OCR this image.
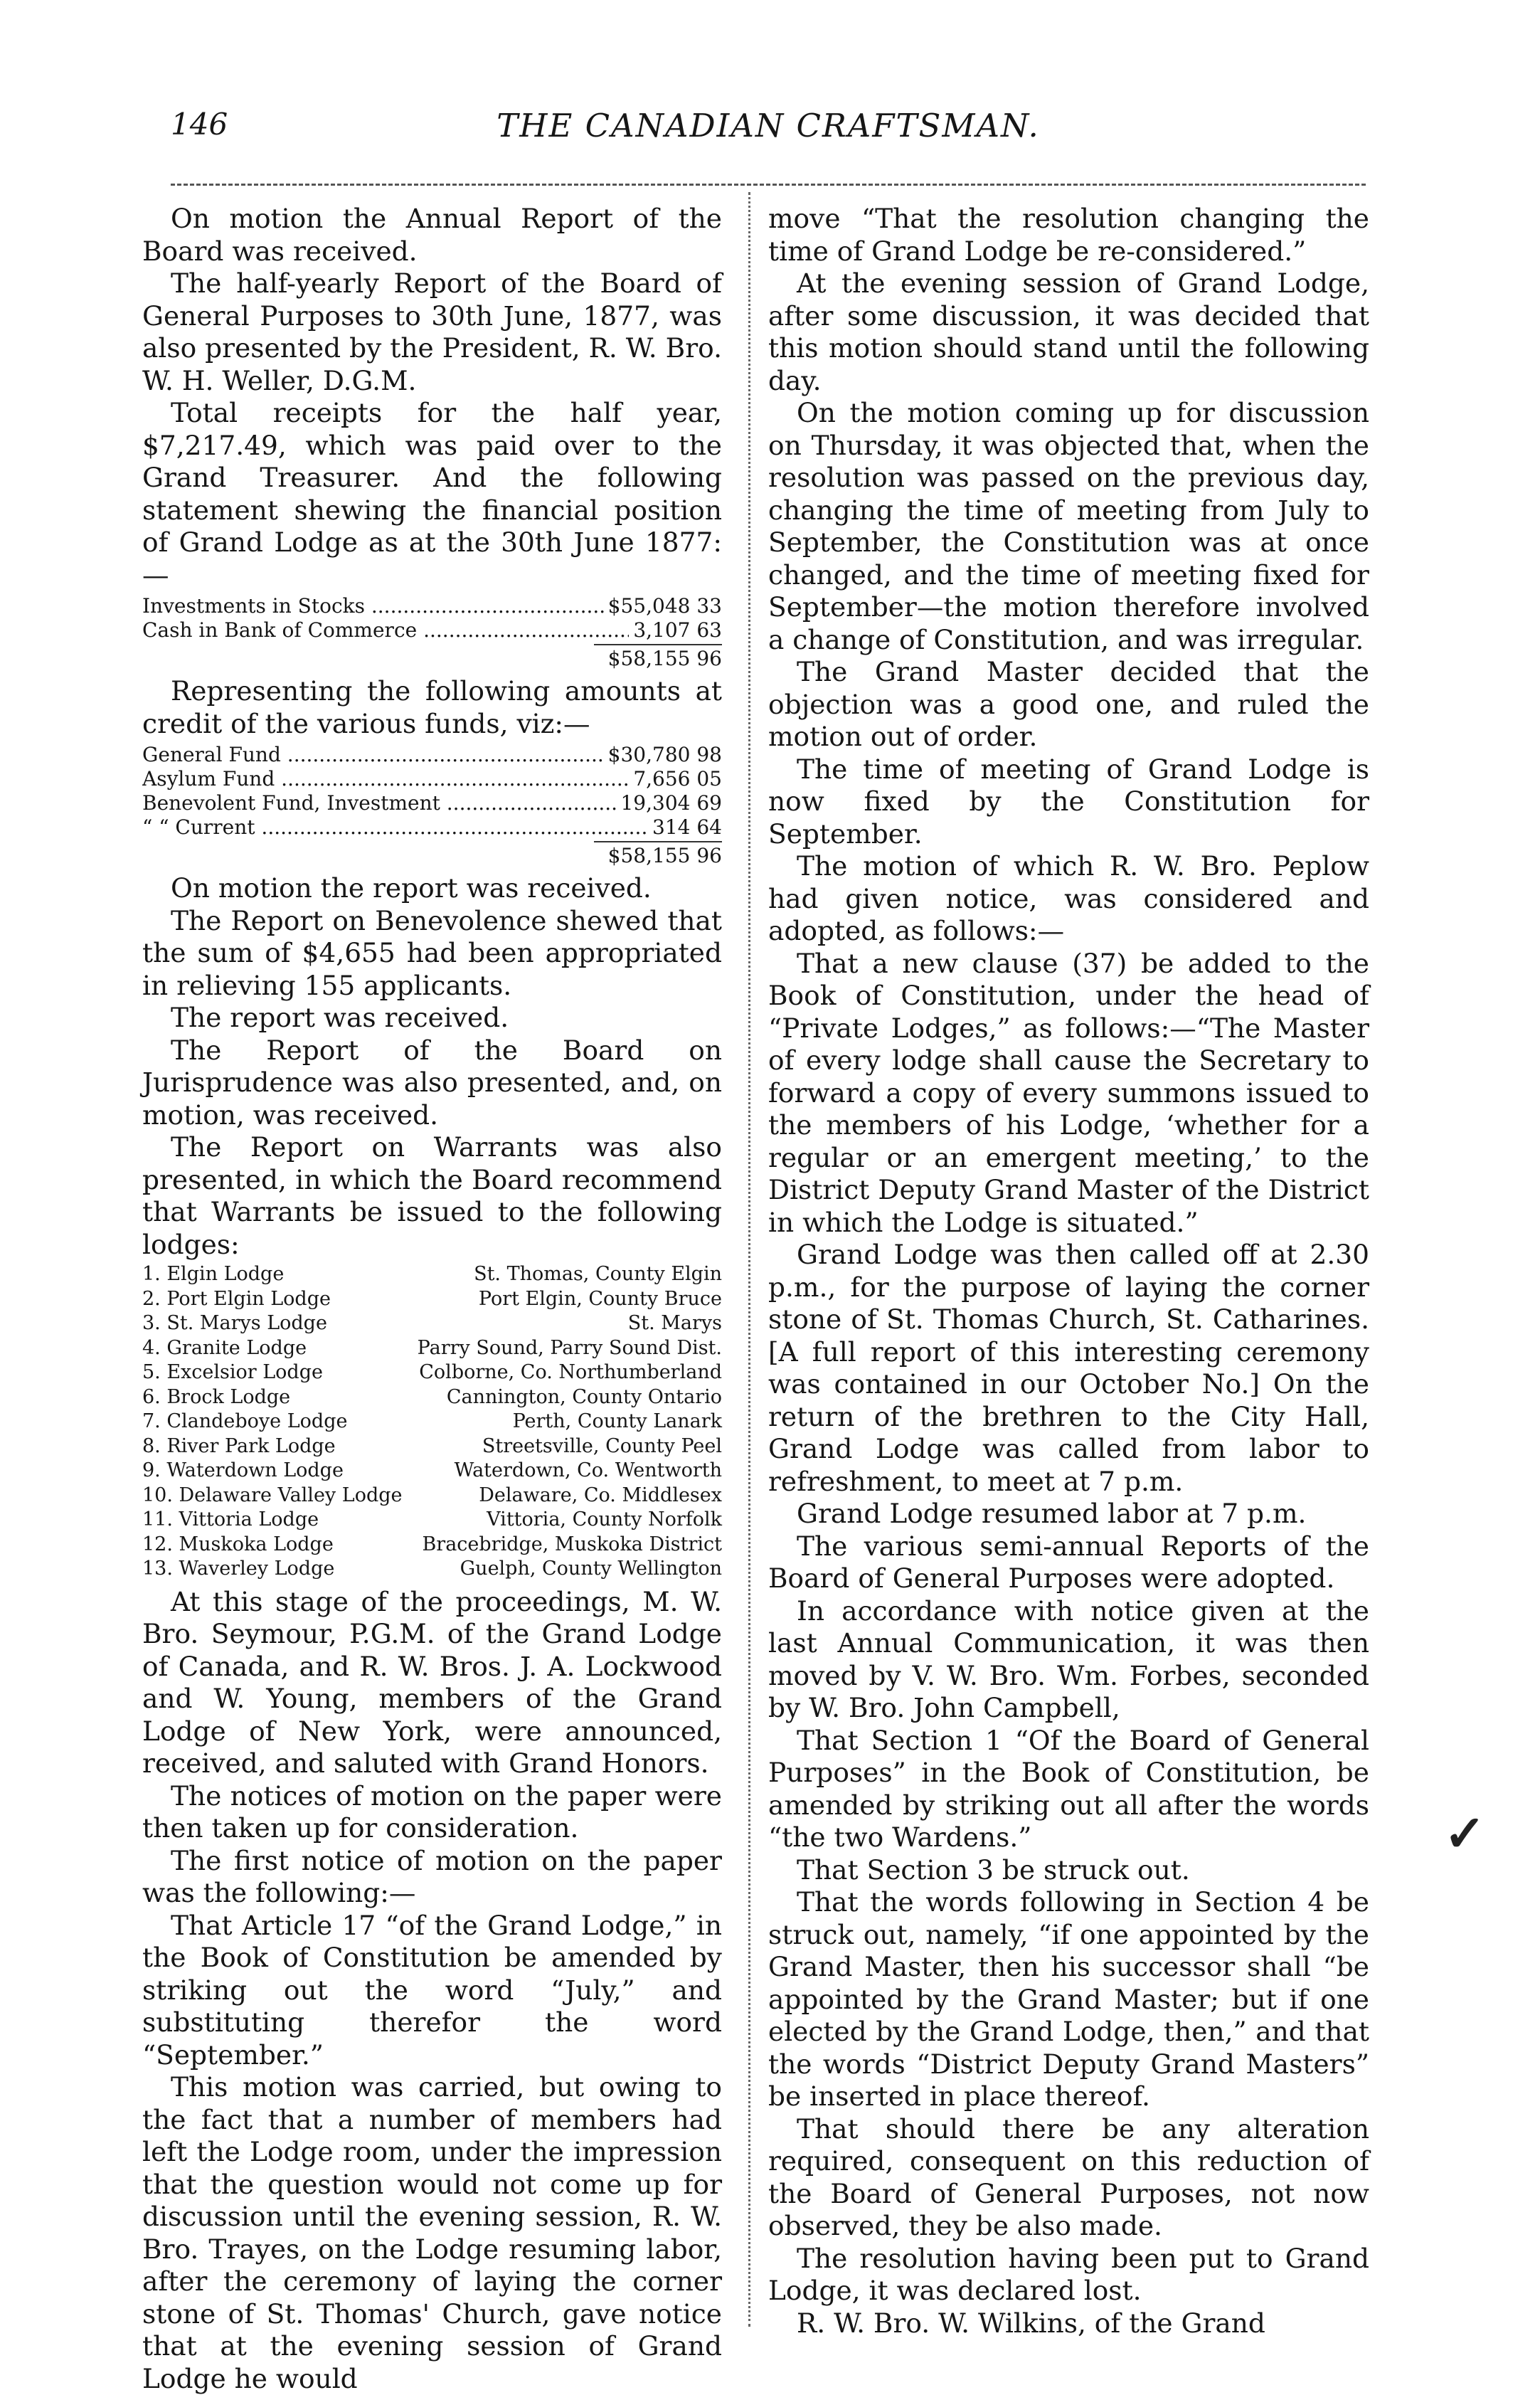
146	THE CANADIAN CRAFTSMAN.

On motion the Annual Report of the Board was received.

The half-yearly Report of the Board of General Purposes to 30th June, 1877, was also presented by the President, R. W. Bro. W. H. Weller, D.G.M.

Total receipts for the half year, $7,217.49, which was paid over to the Grand Treasurer. And the following statement shewing the financial position of Grand Lodge as at the 30th June 1877:—

Investments in Stocks .....	$55,048 33
Cash in Bank of Commerce .....	3,107 63
$58,155 96

Representing the following amounts at credit of the various funds, viz:—

General Fund .....	$30,780 98
Asylum Fund .....	7,656 05
Benevolent Fund, Investment .....	19,304 69
“ “ Current .....	314 64
$58,155 96

On motion the report was received.

The Report on Benevolence shewed that the sum of $4,655 had been appropriated in relieving 155 applicants.

The report was received.

The Report of the Board on Jurisprudence was also presented, and, on motion, was received.

The Report on Warrants was also presented, in which the Board recommend that Warrants be issued to the following lodges:

1. Elgin Lodge	St. Thomas, County Elgin
2. Port Elgin Lodge	Port Elgin, County Bruce
3. St. Marys Lodge	St. Marys
4. Granite Lodge	Parry Sound, Parry Sound Dist.
5. Excelsior Lodge	Colborne, Co. Northumberland
6. Brock Lodge	Cannington, County Ontario
7. Clandeboye Lodge	Perth, County Lanark
8. River Park Lodge	Streetsville, County Peel
9. Waterdown Lodge	Waterdown, Co. Wentworth
10. Delaware Valley Lodge	Delaware, Co. Middlesex
11. Vittoria Lodge	Vittoria, County Norfolk
12. Muskoka Lodge	Bracebridge, Muskoka District
13. Waverley Lodge	Guelph, County Wellington

At this stage of the proceedings, M. W. Bro. Seymour, P.G.M. of the Grand Lodge of Canada, and R. W. Bros. J. A. Lockwood and W. Young, members of the Grand Lodge of New York, were announced, received, and saluted with Grand Honors.

The notices of motion on the paper were then taken up for consideration.

The first notice of motion on the paper was the following:—

That Article 17 “of the Grand Lodge,” in the Book of Constitution be amended by striking out the word “July,” and substituting therefor the word “September.”

This motion was carried, but owing to the fact that a number of members had left the Lodge room, under the impression that the question would not come up for discussion until the evening session, R. W. Bro. Trayes, on the Lodge resuming labor, after the ceremony of laying the corner stone of St. Thomas' Church, gave notice that at the evening session of Grand Lodge he would

move “That the resolution changing the time of Grand Lodge be re-considered.”

At the evening session of Grand Lodge, after some discussion, it was decided that this motion should stand until the following day.

On the motion coming up for discussion on Thursday, it was objected that, when the resolution was passed on the previous day, changing the time of meeting from July to September, the Constitution was at once changed, and the time of meeting fixed for September—the motion therefore involved a change of Constitution, and was irregular.

The Grand Master decided that the objection was a good one, and ruled the motion out of order.

The time of meeting of Grand Lodge is now fixed by the Constitution for September.

The motion of which R. W. Bro. Peplow had given notice, was considered and adopted, as follows:—

That a new clause (37) be added to the Book of Constitution, under the head of “Private Lodges,” as follows:—“The Master of every lodge shall cause the Secretary to forward a copy of every summons issued to the members of his Lodge, ‘whether for a regular or an emergent meeting,’ to the District Deputy Grand Master of the District in which the Lodge is situated.”

Grand Lodge was then called off at 2.30 p.m., for the purpose of laying the corner stone of St. Thomas Church, St. Catharines. [A full report of this interesting ceremony was contained in our October No.] On the return of the brethren to the City Hall, Grand Lodge was called from labor to refreshment, to meet at 7 p.m.

Grand Lodge resumed labor at 7 p.m.

The various semi-annual Reports of the Board of General Purposes were adopted.

In accordance with notice given at the last Annual Communication, it was then moved by V. W. Bro. Wm. Forbes, seconded by W. Bro. John Campbell,

That Section 1 “Of the Board of General Purposes” in the Book of Constitution, be amended by striking out all after the words “the two Wardens.”

That Section 3 be struck out.

That the words following in Section 4 be struck out, namely, “if one appointed by the Grand Master, then his successor shall “be appointed by the Grand Master; but if one elected by the Grand Lodge, then,” and that the words “District Deputy Grand Masters” be inserted in place thereof.

That should there be any alteration required, consequent on this reduction of the Board of General Purposes, not now observed, they be also made.

The resolution having been put to Grand Lodge, it was declared lost.

R. W. Bro. W. Wilkins, of the Grand

✓
